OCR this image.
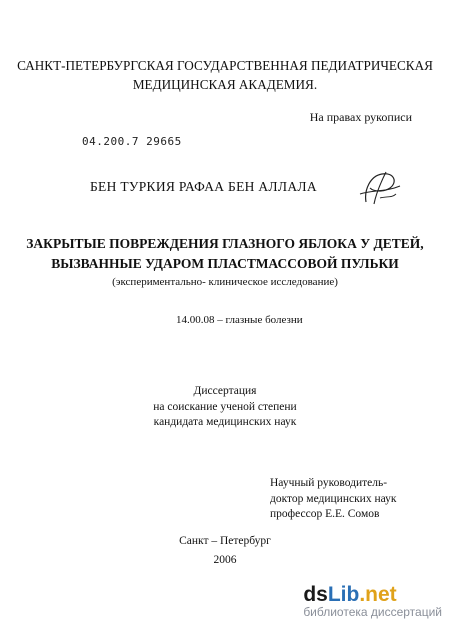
САНКТ-ПЕТЕРБУРГСКАЯ ГОСУДАРСТВЕННАЯ ПЕДИАТРИЧЕСКАЯ
МЕДИЦИНСКАЯ АКАДЕМИЯ.
На правах рукописи
04.200.7 29665
БЕН ТУРКИЯ РАФАА БЕН АЛЛАЛА
ЗАКРЫТЫЕ ПОВРЕЖДЕНИЯ ГЛАЗНОГО ЯБЛОКА У ДЕТЕЙ,
ВЫЗВАННЫЕ УДАРОМ ПЛАСТМАССОВОЙ ПУЛЬКИ
(экспериментально- клиническое исследование)
14.00.08 – глазные болезни
Диссертация
на соискание ученой степени
кандидата медицинских наук
Научный руководитель-
доктор медицинских наук
профессор Е.Е. Сомов
Санкт – Петербург
2006
dsLib.net
библиотека диссертаций
